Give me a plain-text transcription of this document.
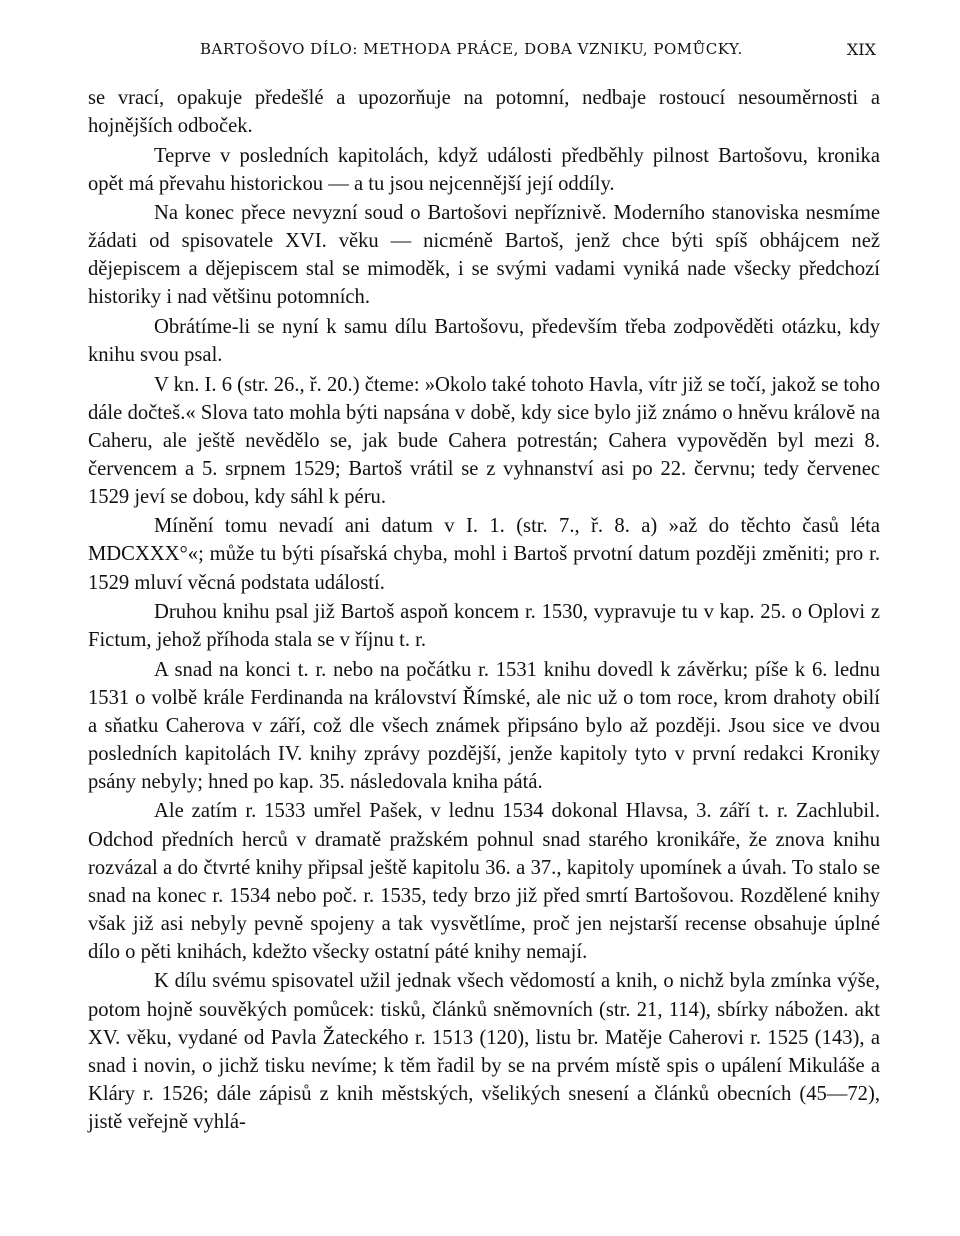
BARTOŠOVO DÍLO: METHODA PRÁCE, DOBA VZNIKU, POMŮCKY.	XIX

se vrací, opakuje předešlé a upozorňuje na potomní, nedbaje rostoucí nesouměrnosti a hojnějších odboček.

Teprve v posledních kapitolách, když události předběhly pilnost Bartošovu, kronika opět má převahu historickou — a tu jsou nejcennější její oddíly.

Na konec přece nevyzní soud o Bartošovi nepříznivě. Moderního stanoviska nesmíme žádati od spisovatele XVI. věku — nicméně Bartoš, jenž chce býti spíš obhájcem než dějepiscem a dějepiscem stal se mimoděk, i se svými vadami vyniká nade všecky předchozí historiky i nad většinu potomních.

Obrátíme-li se nyní k samu dílu Bartošovu, především třeba zodpověděti otázku, kdy knihu svou psal.

V kn. I. 6 (str. 26., ř. 20.) čteme: »Okolo také tohoto Havla, vítr již se točí, jakož se toho dále dočteš.« Slova tato mohla býti napsána v době, kdy sice bylo již známo o hněvu královĕ na Caheru, ale ještě nevědělo se, jak bude Cahera potrestán; Cahera vypověděn byl mezi 8. červencem a 5. srpnem 1529; Bartoš vrátil se z vyhnanství asi po 22. červnu; tedy červenec 1529 jeví se dobou, kdy sáhl k péru.

Mínění tomu nevadí ani datum v I. 1. (str. 7., ř. 8. a) »až do těchto časů léta MDCXXX°«; může tu býti písařská chyba, mohl i Bartoš prvotní datum později změniti; pro r. 1529 mluví věcná podstata událostí.

Druhou knihu psal již Bartoš aspoň koncem r. 1530, vypravuje tu v kap. 25. o Oplovi z Fictum, jehož příhoda stala se v říjnu t. r.

A snad na konci t. r. nebo na počátku r. 1531 knihu dovedl k závěrku; píše k 6. lednu 1531 o volbě krále Ferdinanda na království Římské, ale nic už o tom roce, krom drahoty obilí a sňatku Caherova v září, což dle všech známek připsáno bylo až později. Jsou sice ve dvou posledních kapitolách IV. knihy zprávy pozdější, jenže kapitoly tyto v první redakci Kroniky psány nebyly; hned po kap. 35. následovala kniha pátá.

Ale zatím r. 1533 umřel Pašek, v lednu 1534 dokonal Hlavsa, 3. září t. r. Zachlubil. Odchod předních herců v dramatě pražském pohnul snad starého kronikáře, že znova knihu rozvázal a do čtvrté knihy připsal ještě kapitolu 36. a 37., kapitoly upomínek a úvah. To stalo se snad na konec r. 1534 nebo poč. r. 1535, tedy brzo již před smrtí Bartošovou. Rozdělené knihy však již asi nebyly pevně spojeny a tak vysvětlíme, proč jen nejstarší recense obsahuje úplné dílo o pěti knihách, kdežto všecky ostatní páté knihy nemají.

K dílu svému spisovatel užil jednak všech vědomostí a knih, o nichž byla zmínka výše, potom hojně souvěkých pomůcek: tisků, článků sněmovních (str. 21, 114), sbírky nábožen. akt XV. věku, vydané od Pavla Žateckého r. 1513 (120), listu br. Matěje Caherovi r. 1525 (143), a snad i novin, o jichž tisku nevíme; k těm řadil by se na prvém místě spis o upálení Mikuláše a Kláry r. 1526; dále zápisů z knih městských, všelikých snesení a článků obecních (45—72), jistě veřejně vyhlá-
